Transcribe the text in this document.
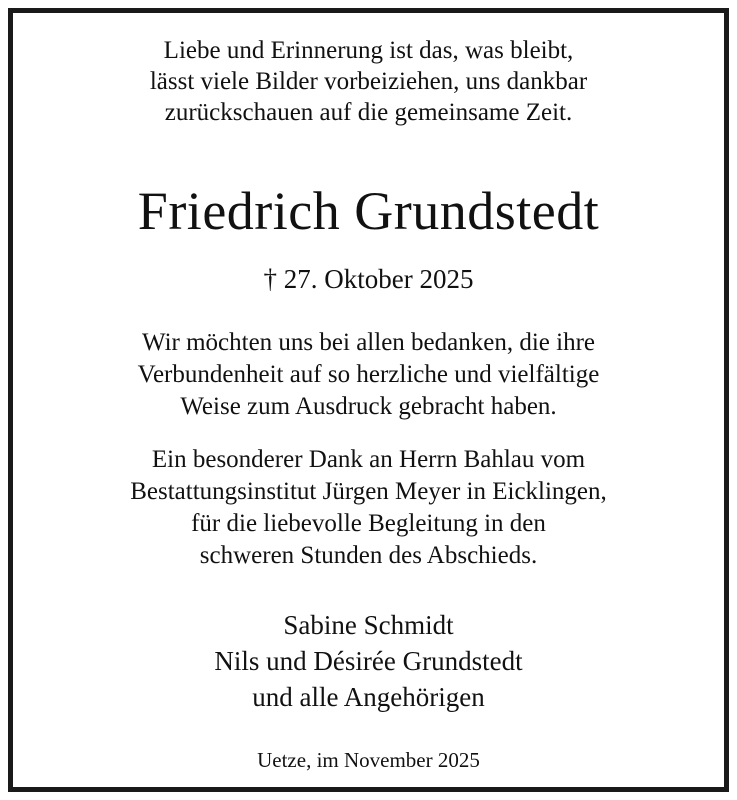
Liebe und Erinnerung ist das, was bleibt,
lässt viele Bilder vorbeiziehen, uns dankbar
zurückschauen auf die gemeinsame Zeit.
Friedrich Grundstedt
† 27. Oktober 2025
Wir möchten uns bei allen bedanken, die ihre
Verbundenheit auf so herzliche und vielfältige
Weise zum Ausdruck gebracht haben.
Ein besonderer Dank an Herrn Bahlau vom
Bestattungsinstitut Jürgen Meyer in Eicklingen,
für die liebevolle Begleitung in den
schweren Stunden des Abschieds.
Sabine Schmidt
Nils und Désirée Grundstedt
und alle Angehörigen
Uetze, im November 2025
